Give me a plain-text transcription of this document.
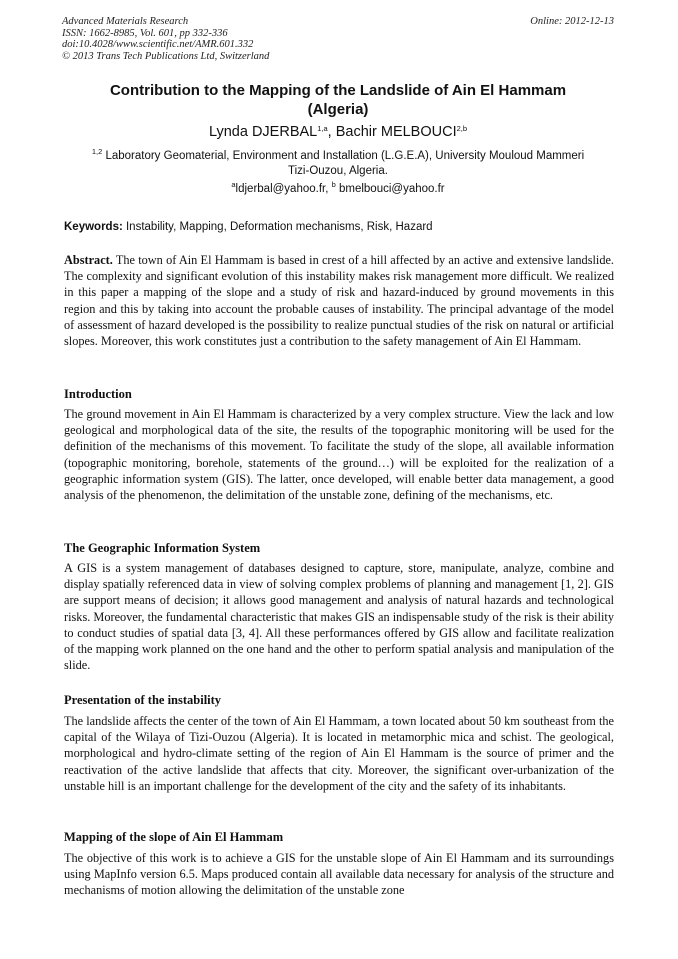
Advanced Materials Research
ISSN: 1662-8985, Vol. 601, pp 332-336
doi:10.4028/www.scientific.net/AMR.601.332
© 2013 Trans Tech Publications Ltd, Switzerland
Online: 2012-12-13
Contribution to the Mapping of the Landslide of Ain El Hammam
(Algeria)
Lynda DJERBAL$^{1,a}$, Bachir MELBOUCI$^{2,b}$
$^{1,2}$ Laboratory Geomaterial, Environment and Installation (L.G.E.A), University Mouloud Mammeri
Tizi-Ouzou, Algeria.
$^a$ldjerbal@yahoo.fr, $^b$ bmelbouci@yahoo.fr
Keywords: Instability, Mapping, Deformation mechanisms, Risk, Hazard
Abstract. The town of Ain El Hammam is based in crest of a hill affected by an active and extensive landslide. The complexity and significant evolution of this instability makes risk management more difficult. We realized in this paper a mapping of the slope and a study of risk and hazard-induced by ground movements in this region and this by taking into account the probable causes of instability. The principal advantage of the model of assessment of hazard developed is the possibility to realize punctual studies of the risk on natural or artificial slopes. Moreover, this work constitutes just a contribution to the safety management of Ain El Hammam.
Introduction
The ground movement in Ain El Hammam is characterized by a very complex structure. View the lack and low geological and morphological data of the site, the results of the topographic monitoring will be used for the definition of the mechanisms of this movement. To facilitate the study of the slope, all available information (topographic monitoring, borehole, statements of the ground…) will be exploited for the realization of a geographic information system (GIS). The latter, once developed, will enable better data management, a good analysis of the phenomenon, the delimitation of the unstable zone, defining of the mechanisms, etc.
The Geographic Information System
A GIS is a system management of databases designed to capture, store, manipulate, analyze, combine and display spatially referenced data in view of solving complex problems of planning and management [1, 2]. GIS are support means of decision; it allows good management and analysis of natural hazards and technological risks. Moreover, the fundamental characteristic that makes GIS an indispensable study of the risk is their ability to conduct studies of spatial data [3, 4]. All these performances offered by GIS allow and facilitate realization of the mapping work planned on the one hand and the other to perform spatial analysis and manipulation of the slide.
Presentation of the instability
The landslide affects the center of the town of Ain El Hammam, a town located about 50 km southeast from the capital of the Wilaya of Tizi-Ouzou (Algeria). It is located in metamorphic mica and schist. The geological, morphological and hydro-climate setting of the region of Ain El Hammam is the source of primer and the reactivation of the active landslide that affects that city. Moreover, the significant over-urbanization of the unstable hill is an important challenge for the development of the city and the safety of its inhabitants.
Mapping of the slope of Ain El Hammam
The objective of this work is to achieve a GIS for the unstable slope of Ain El Hammam and its surroundings using MapInfo version 6.5. Maps produced contain all available data necessary for analysis of the structure and mechanisms of motion allowing the delimitation of the unstable zone
